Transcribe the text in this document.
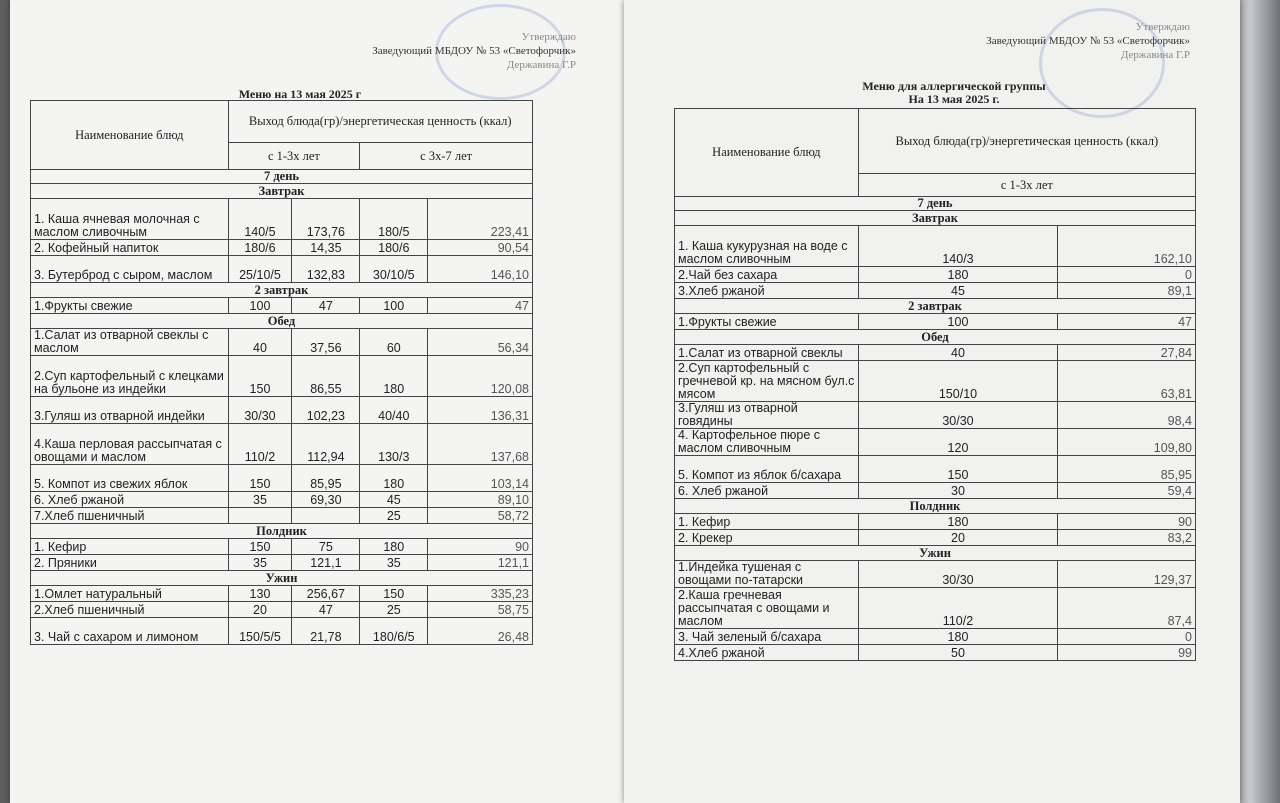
Утверждаю
Заведующий МБДОУ № 53 «Светофорчик»
Державина Г.Р
Меню на 13 мая 2025 г
Наименование блюд	Выход блюда(гр)/энергетическая ценность (ккал)			
	с 1-3х лет		с 3х-7 лет	
7 день				
Завтрак				
1. Каша ячневая молочная с маслом сливочным	140/5	173,76	180/5	223,41
2. Кофейный напиток	180/6	14,35	180/6	90,54
3. Бутерброд с сыром, маслом	25/10/5	132,83	30/10/5	146,10
2 завтрак				
1.Фрукты свежие	100	47	100	47
Обед				
1.Салат из отварной свеклы с маслом	40	37,56	60	56,34
2.Суп картофельный с клецками на бульоне из индейки	150	86,55	180	120,08
3.Гуляш из отварной индейки	30/30	102,23	40/40	136,31
4.Каша перловая рассыпчатая с овощами и маслом	110/2	112,94	130/3	137,68
5. Компот из свежих яблок	150	85,95	180	103,14
6. Хлеб ржаной	35	69,30	45	89,10
7.Хлеб пшеничный			25	58,72
Полдник				
1. Кефир	150	75	180	90
2. Пряники	35	121,1	35	121,1
Ужин				
1.Омлет натуральный	130	256,67	150	335,23
2.Хлеб пшеничный	20	47	25	58,75
3. Чай с сахаром и лимоном	150/5/5	21,78	180/6/5	26,48
Утверждаю
Заведующий МБДОУ № 53 «Светофорчик»
Державина Г.Р
Меню для аллергической группы
На 13 мая 2025 г.
Наименование блюд	Выход блюда(гр)/энергетическая ценность (ккал)	
	с 1-3х лет	
7 день		
Завтрак		
1. Каша кукурузная на воде с маслом сливочным	140/3	162,10
2.Чай без сахара	180	0
3.Хлеб ржаной	45	89,1
2 завтрак		
1.Фрукты свежие	100	47
Обед		
1.Салат из отварной свеклы	40	27,84
2.Суп картофельный с гречневой кр. на мясном бул.с мясом	150/10	63,81
3.Гуляш из отварной говядины	30/30	98,4
4. Картофельное пюре с маслом сливочным	120	109,80
5. Компот из яблок б/сахара	150	85,95
6. Хлеб ржаной	30	59,4
Полдник		
1. Кефир	180	90
2. Крекер	20	83,2
Ужин		
1.Индейка тушеная с овощами по-татарски	30/30	129,37
2.Каша гречневая рассыпчатая с овощами и маслом	110/2	87,4
3. Чай зеленый б/сахара	180	0
4.Хлеб ржаной	50	99
